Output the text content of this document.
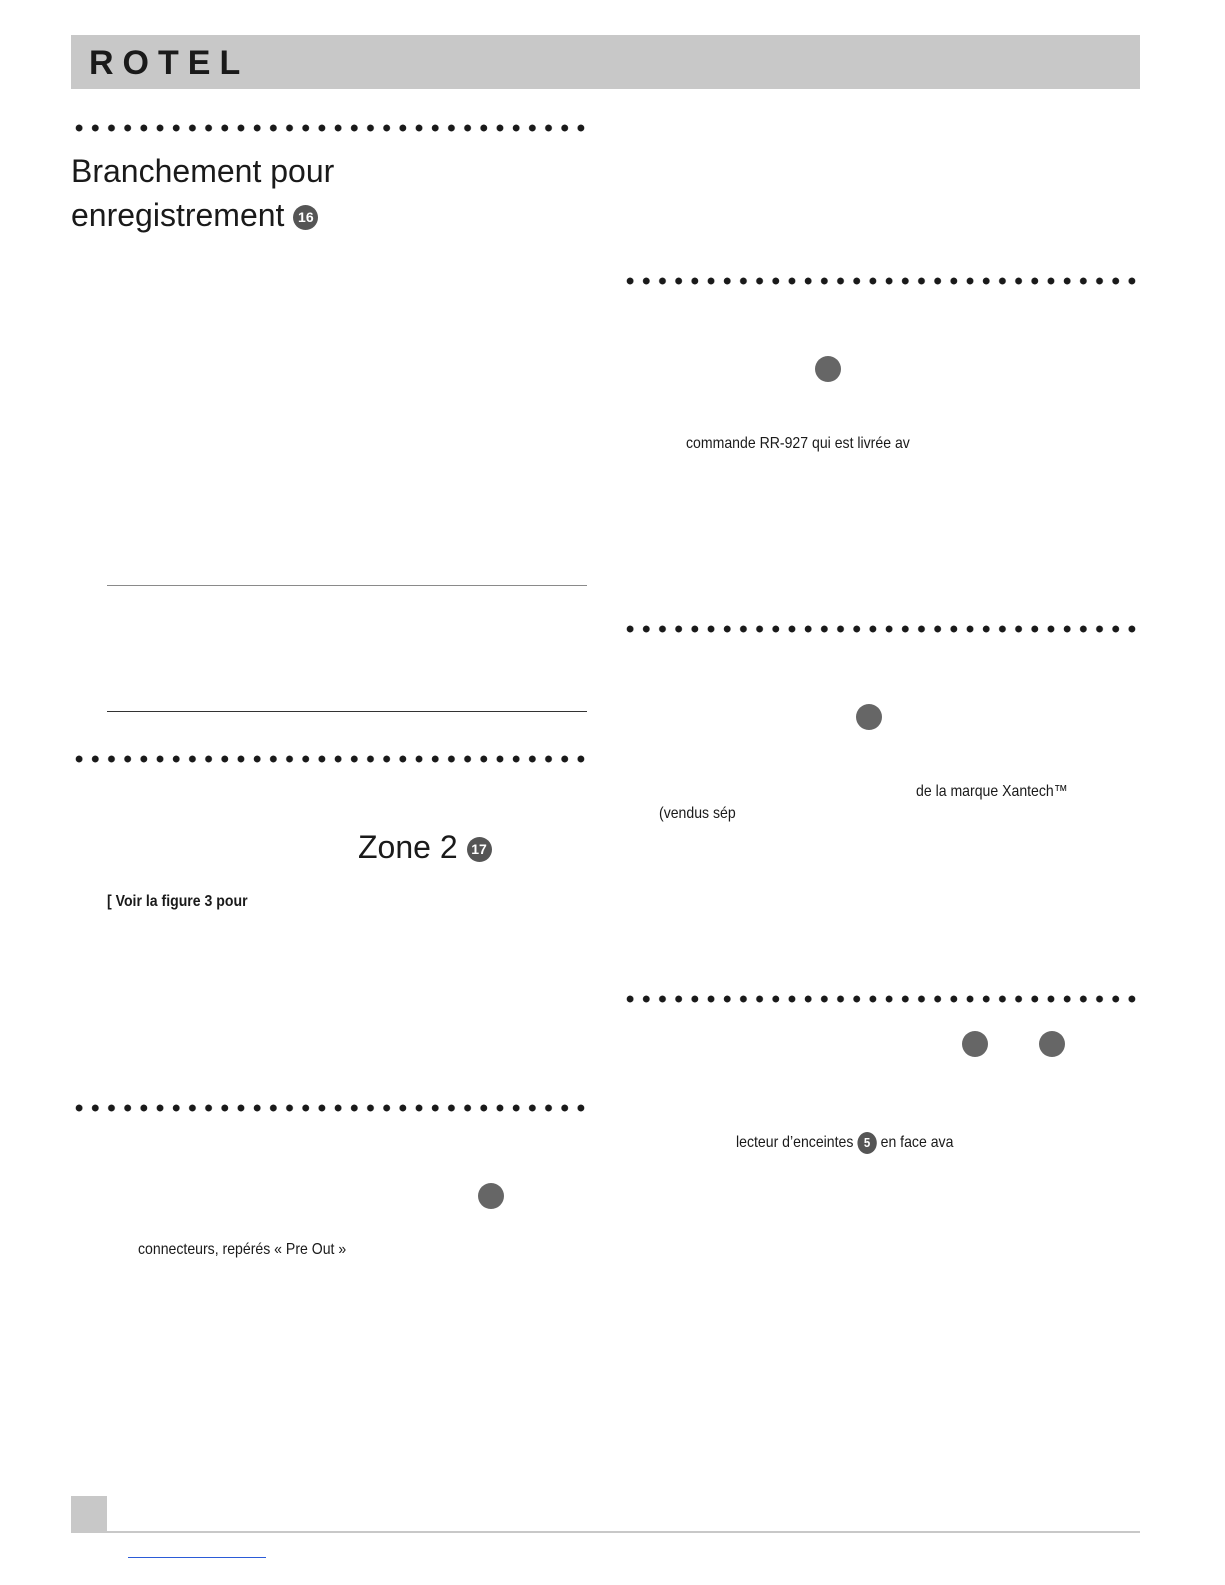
ROTEL
Branchement pour
enregistrement 16
Zone 2 17
[ Voir la figure 3 pour
connecteurs, repérés « Pre Out »
commande RR-927 qui est livrée av
de la marque Xantech™
(vendus sép
lecteur d’enceintes 5 en face ava
